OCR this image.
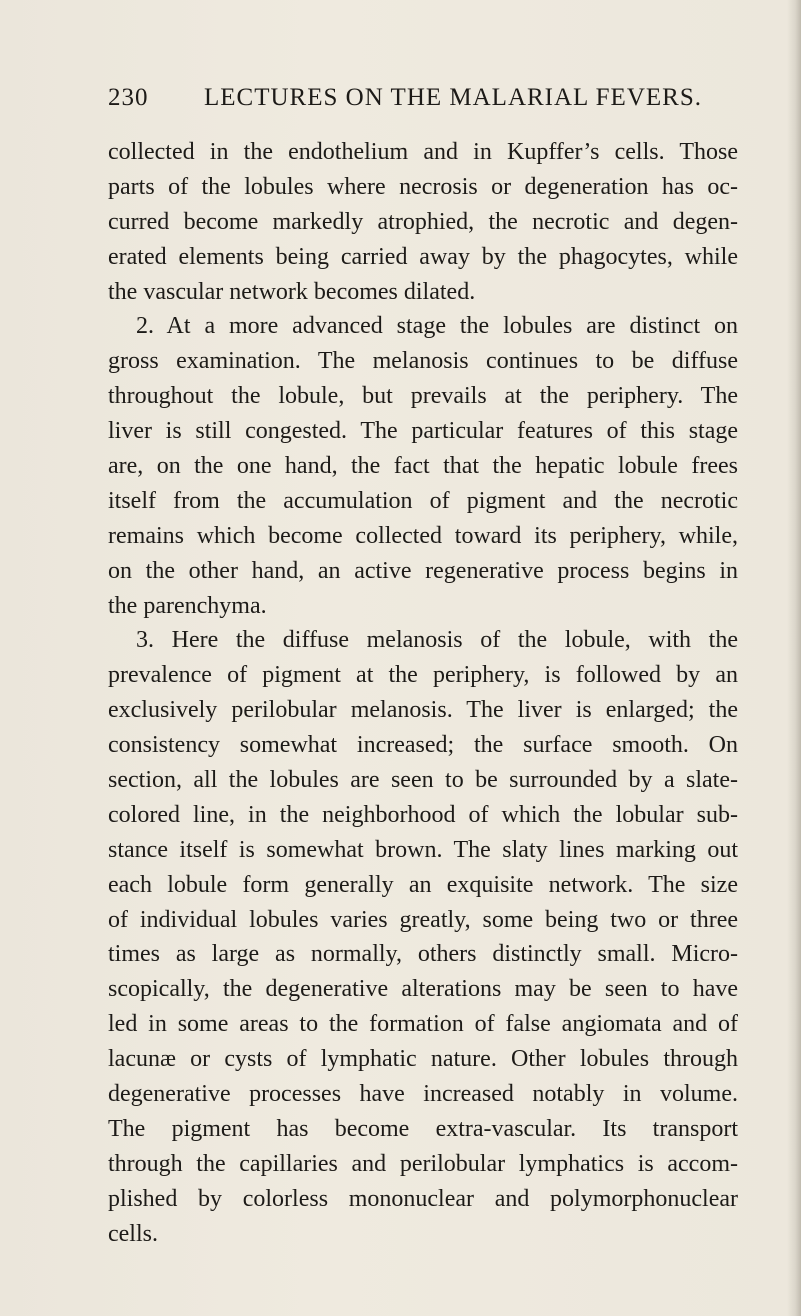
230 LECTURES ON THE MALARIAL FEVERS.
collected in the endothelium and in Kupffer’s cells. Those
parts of the lobules where necrosis or degeneration has oc-
curred become markedly atrophied, the necrotic and degen-
erated elements being carried away by the phagocytes, while
the vascular network becomes dilated.
2. At a more advanced stage the lobules are distinct on
gross examination. The melanosis continues to be diffuse
throughout the lobule, but prevails at the periphery. The
liver is still congested. The particular features of this stage
are, on the one hand, the fact that the hepatic lobule frees
itself from the accumulation of pigment and the necrotic
remains which become collected toward its periphery, while,
on the other hand, an active regenerative process begins in
the parenchyma.
3. Here the diffuse melanosis of the lobule, with the
prevalence of pigment at the periphery, is followed by an
exclusively perilobular melanosis. The liver is enlarged; the
consistency somewhat increased; the surface smooth. On
section, all the lobules are seen to be surrounded by a slate-
colored line, in the neighborhood of which the lobular sub-
stance itself is somewhat brown. The slaty lines marking out
each lobule form generally an exquisite network. The size
of individual lobules varies greatly, some being two or three
times as large as normally, others distinctly small. Micro-
scopically, the degenerative alterations may be seen to have
led in some areas to the formation of false angiomata and of
lacunæ or cysts of lymphatic nature. Other lobules through
degenerative processes have increased notably in volume.
The pigment has become extra-vascular. Its transport
through the capillaries and perilobular lymphatics is accom-
plished by colorless mononuclear and polymorphonuclear
cells.
